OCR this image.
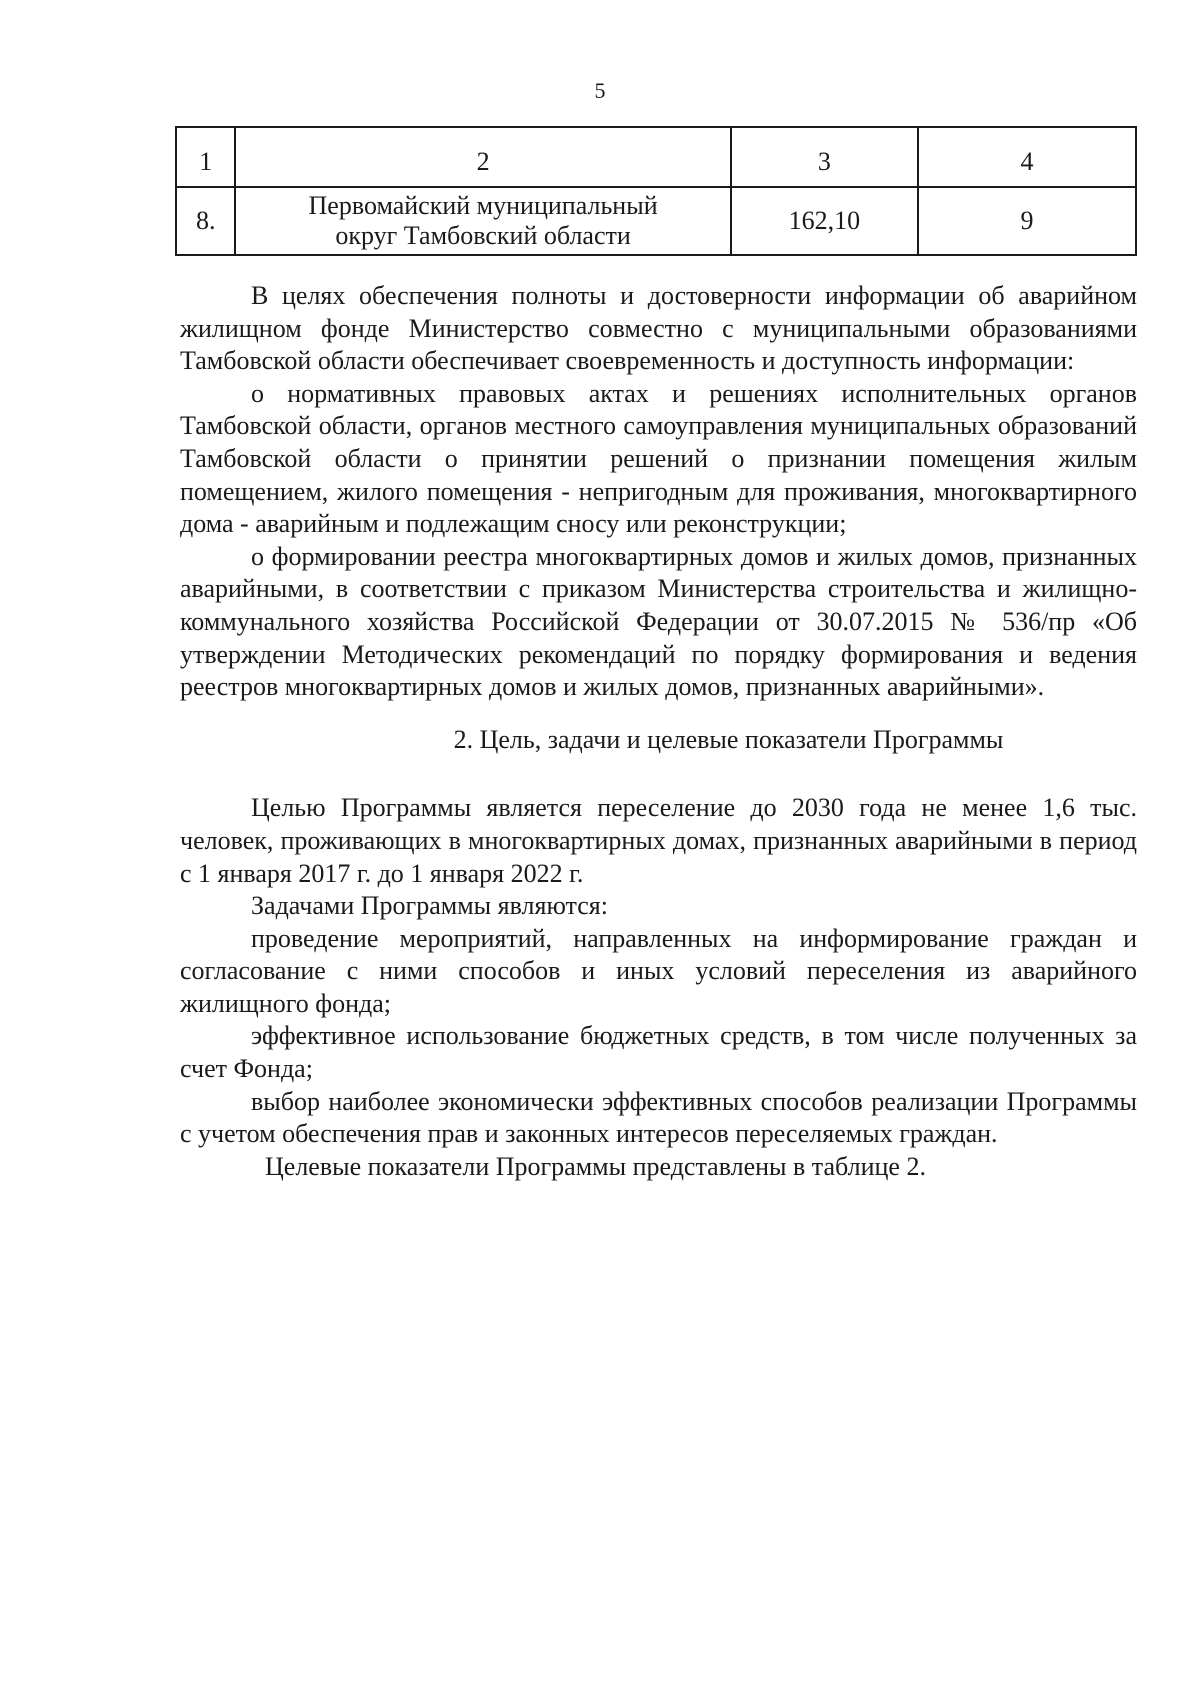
5
1	2	3	4
8.	Первомайский муниципальный
округ Тамбовский области	162,10	9

В целях обеспечения полноты и достоверности информации об аварийном жилищном фонде Министерство совместно с муниципальными образованиями Тамбовской области обеспечивает своевременность и доступность информации:

о нормативных правовых актах и решениях исполнительных органов Тамбовской области, органов местного самоуправления муниципальных образований Тамбовской области о принятии решений о признании помещения жилым помещением, жилого помещения - непригодным для проживания, многоквартирного дома - аварийным и подлежащим сносу или реконструкции;

о формировании реестра многоквартирных домов и жилых домов, признанных аварийными, в соответствии с приказом Министерства строительства и жилищно-коммунального хозяйства Российской Федерации от 30.07.2015 № 536/пр «Об утверждении Методических рекомендаций по порядку формирования и ведения реестров многоквартирных домов и жилых домов, признанных аварийными».

2. Цель, задачи и целевые показатели Программы

Целью Программы является переселение до 2030 года не менее 1,6 тыс. человек, проживающих в многоквартирных домах, признанных аварийными в период с 1 января 2017 г. до 1 января 2022 г.

Задачами Программы являются:

проведение мероприятий, направленных на информирование граждан и согласование с ними способов и иных условий переселения из аварийного жилищного фонда;

эффективное использование бюджетных средств, в том числе полученных за счет Фонда;

выбор наиболее экономически эффективных способов реализации Программы с учетом обеспечения прав и законных интересов переселяемых граждан.

Целевые показатели Программы представлены в таблице 2.
